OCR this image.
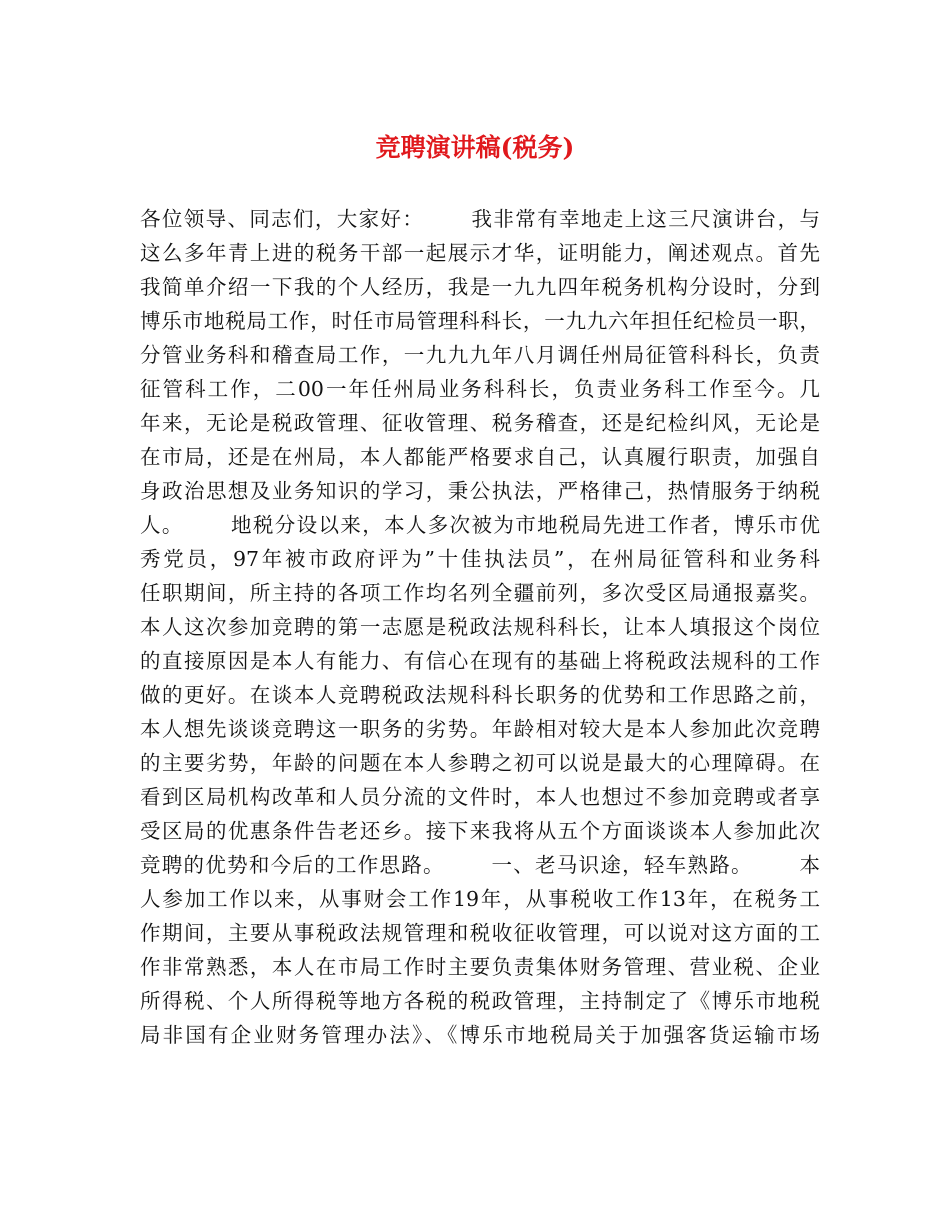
竞聘演讲稿(税务)
各位领导、同志们，大家好：      我非常有幸地走上这三尺演讲台，与
这么多年青上进的税务干部一起展示才华，证明能力，阐述观点。首先
我简单介绍一下我的个人经历，我是一九九四年税务机构分设时，分到
博乐市地税局工作，时任市局管理科科长，一九九六年担任纪检员一职，
分管业务科和稽查局工作，一九九九年八月调任州局征管科科长，负责
征管科工作，二00一年任州局业务科科长，负责业务科工作至今。几
年来，无论是税政管理、征收管理、税务稽查，还是纪检纠风，无论是
在市局，还是在州局，本人都能严格要求自己，认真履行职责，加强自
身政治思想及业务知识的学习，秉公执法，严格律己，热情服务于纳税
人。      地税分设以来，本人多次被为市地税局先进工作者，博乐市优
秀党员，97年被市政府评为”十佳执法员”，在州局征管科和业务科
任职期间，所主持的各项工作均名列全疆前列，多次受区局通报嘉奖。
本人这次参加竞聘的第一志愿是税政法规科科长，让本人填报这个岗位
的直接原因是本人有能力、有信心在现有的基础上将税政法规科的工作
做的更好。在谈本人竞聘税政法规科科长职务的优势和工作思路之前，
本人想先谈谈竞聘这一职务的劣势。年龄相对较大是本人参加此次竞聘
的主要劣势，年龄的问题在本人参聘之初可以说是最大的心理障碍。在
看到区局机构改革和人员分流的文件时，本人也想过不参加竞聘或者享
受区局的优惠条件告老还乡。接下来我将从五个方面谈谈本人参加此次
竞聘的优势和今后的工作思路。      一、老马识途，轻车熟路。      本
人参加工作以来，从事财会工作19年，从事税收工作13年，在税务工
作期间，主要从事税政法规管理和税收征收管理，可以说对这方面的工
作非常熟悉，本人在市局工作时主要负责集体财务管理、营业税、企业
所得税、个人所得税等地方各税的税政管理，主持制定了《博乐市地税
局非国有企业财务管理办法》、《博乐市地税局关于加强客货运输市场
